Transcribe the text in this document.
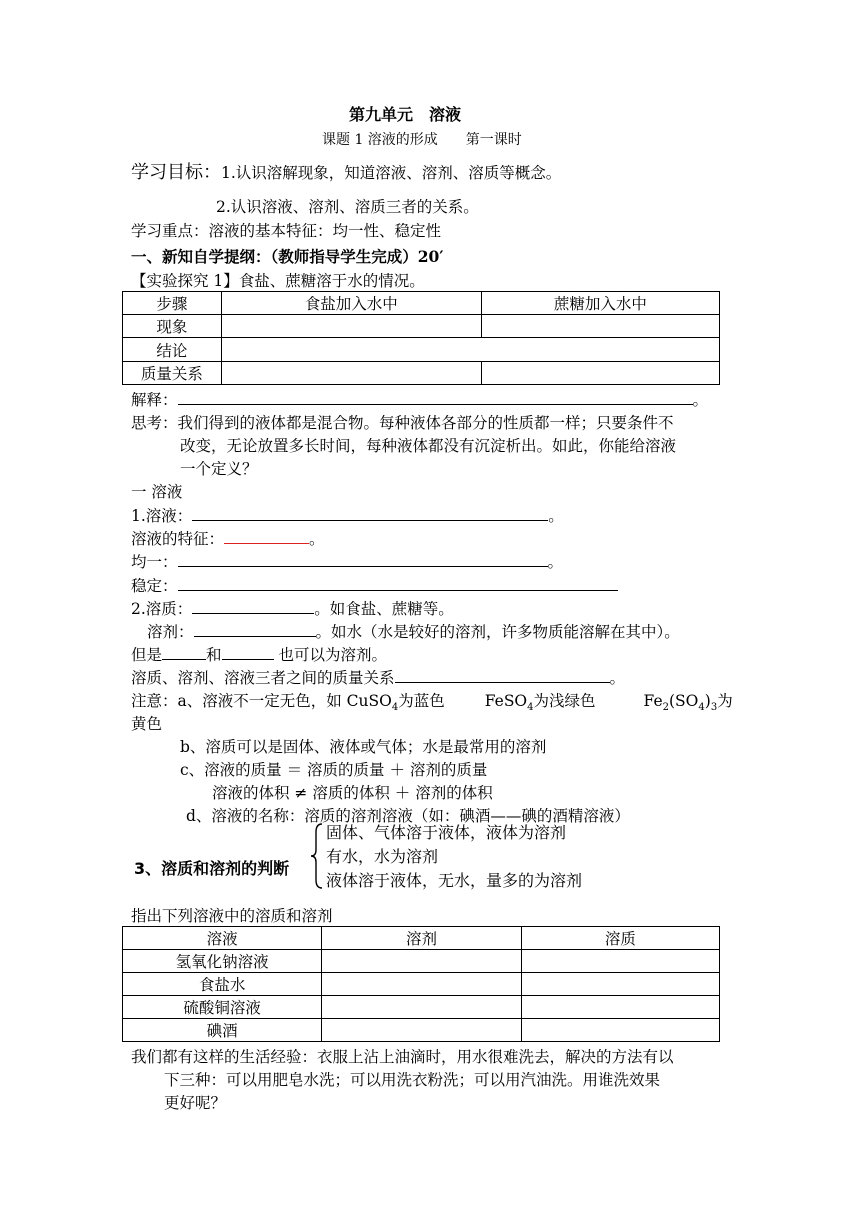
第九单元　溶液
课题 1 溶液的形成　　第一课时
学习目标：1.认识溶解现象，知道溶液、溶剂、溶质等概念。
2.认识溶液、溶剂、溶质三者的关系。
学习重点：溶液的基本特征：均一性、稳定性
一、新知自学提纲：（教师指导学生完成）20′
【实验探究 1】食盐、蔗糖溶于水的情况。
步骤	食盐加入水中	蔗糖加入水中
现象		
结论		
质量关系		
解释：	。
思考：我们得到的液体都是混合物。每种液体各部分的性质都一样；只要条件不
改变，无论放置多长时间，每种液体都没有沉淀析出。如此，你能给溶液
一个定义？
一 溶液
1.溶液：	。
溶液的特征：	。
均一：	。
稳定：
2.溶质：	。如食盐、蔗糖等。
溶剂：	。如水（水是较好的溶剂，许多物质能溶解在其中）。
但是	和	也可以为溶剂。
溶质、溶剂、溶液三者之间的质量关系	。
注意：a、溶液不一定无色，如 CuSO$_4$为蓝色	FeSO$_4$为浅绿色	$Fe_2(SO_4)_3$为
黄色
b、溶质可以是固体、液体或气体；水是最常用的溶剂
c、溶液的质量 ＝ 溶质的质量 ＋ 溶剂的质量
溶液的体积 ≠ 溶质的体积 ＋ 溶剂的体积
d、溶液的名称：溶质的溶剂溶液（如：碘酒——碘的酒精溶液）
3、溶质和溶剂的判断
固体、气体溶于液体，液体为溶剂
有水，水为溶剂
液体溶于液体，无水，量多的为溶剂
指出下列溶液中的溶质和溶剂
溶液	溶剂	溶质
氢氧化钠溶液		
食盐水		
硫酸铜溶液		
碘酒		
我们都有这样的生活经验：衣服上沾上油滴时，用水很难洗去，解决的方法有以
下三种：可以用肥皂水洗；可以用洗衣粉洗；可以用汽油洗。用谁洗效果
更好呢？
